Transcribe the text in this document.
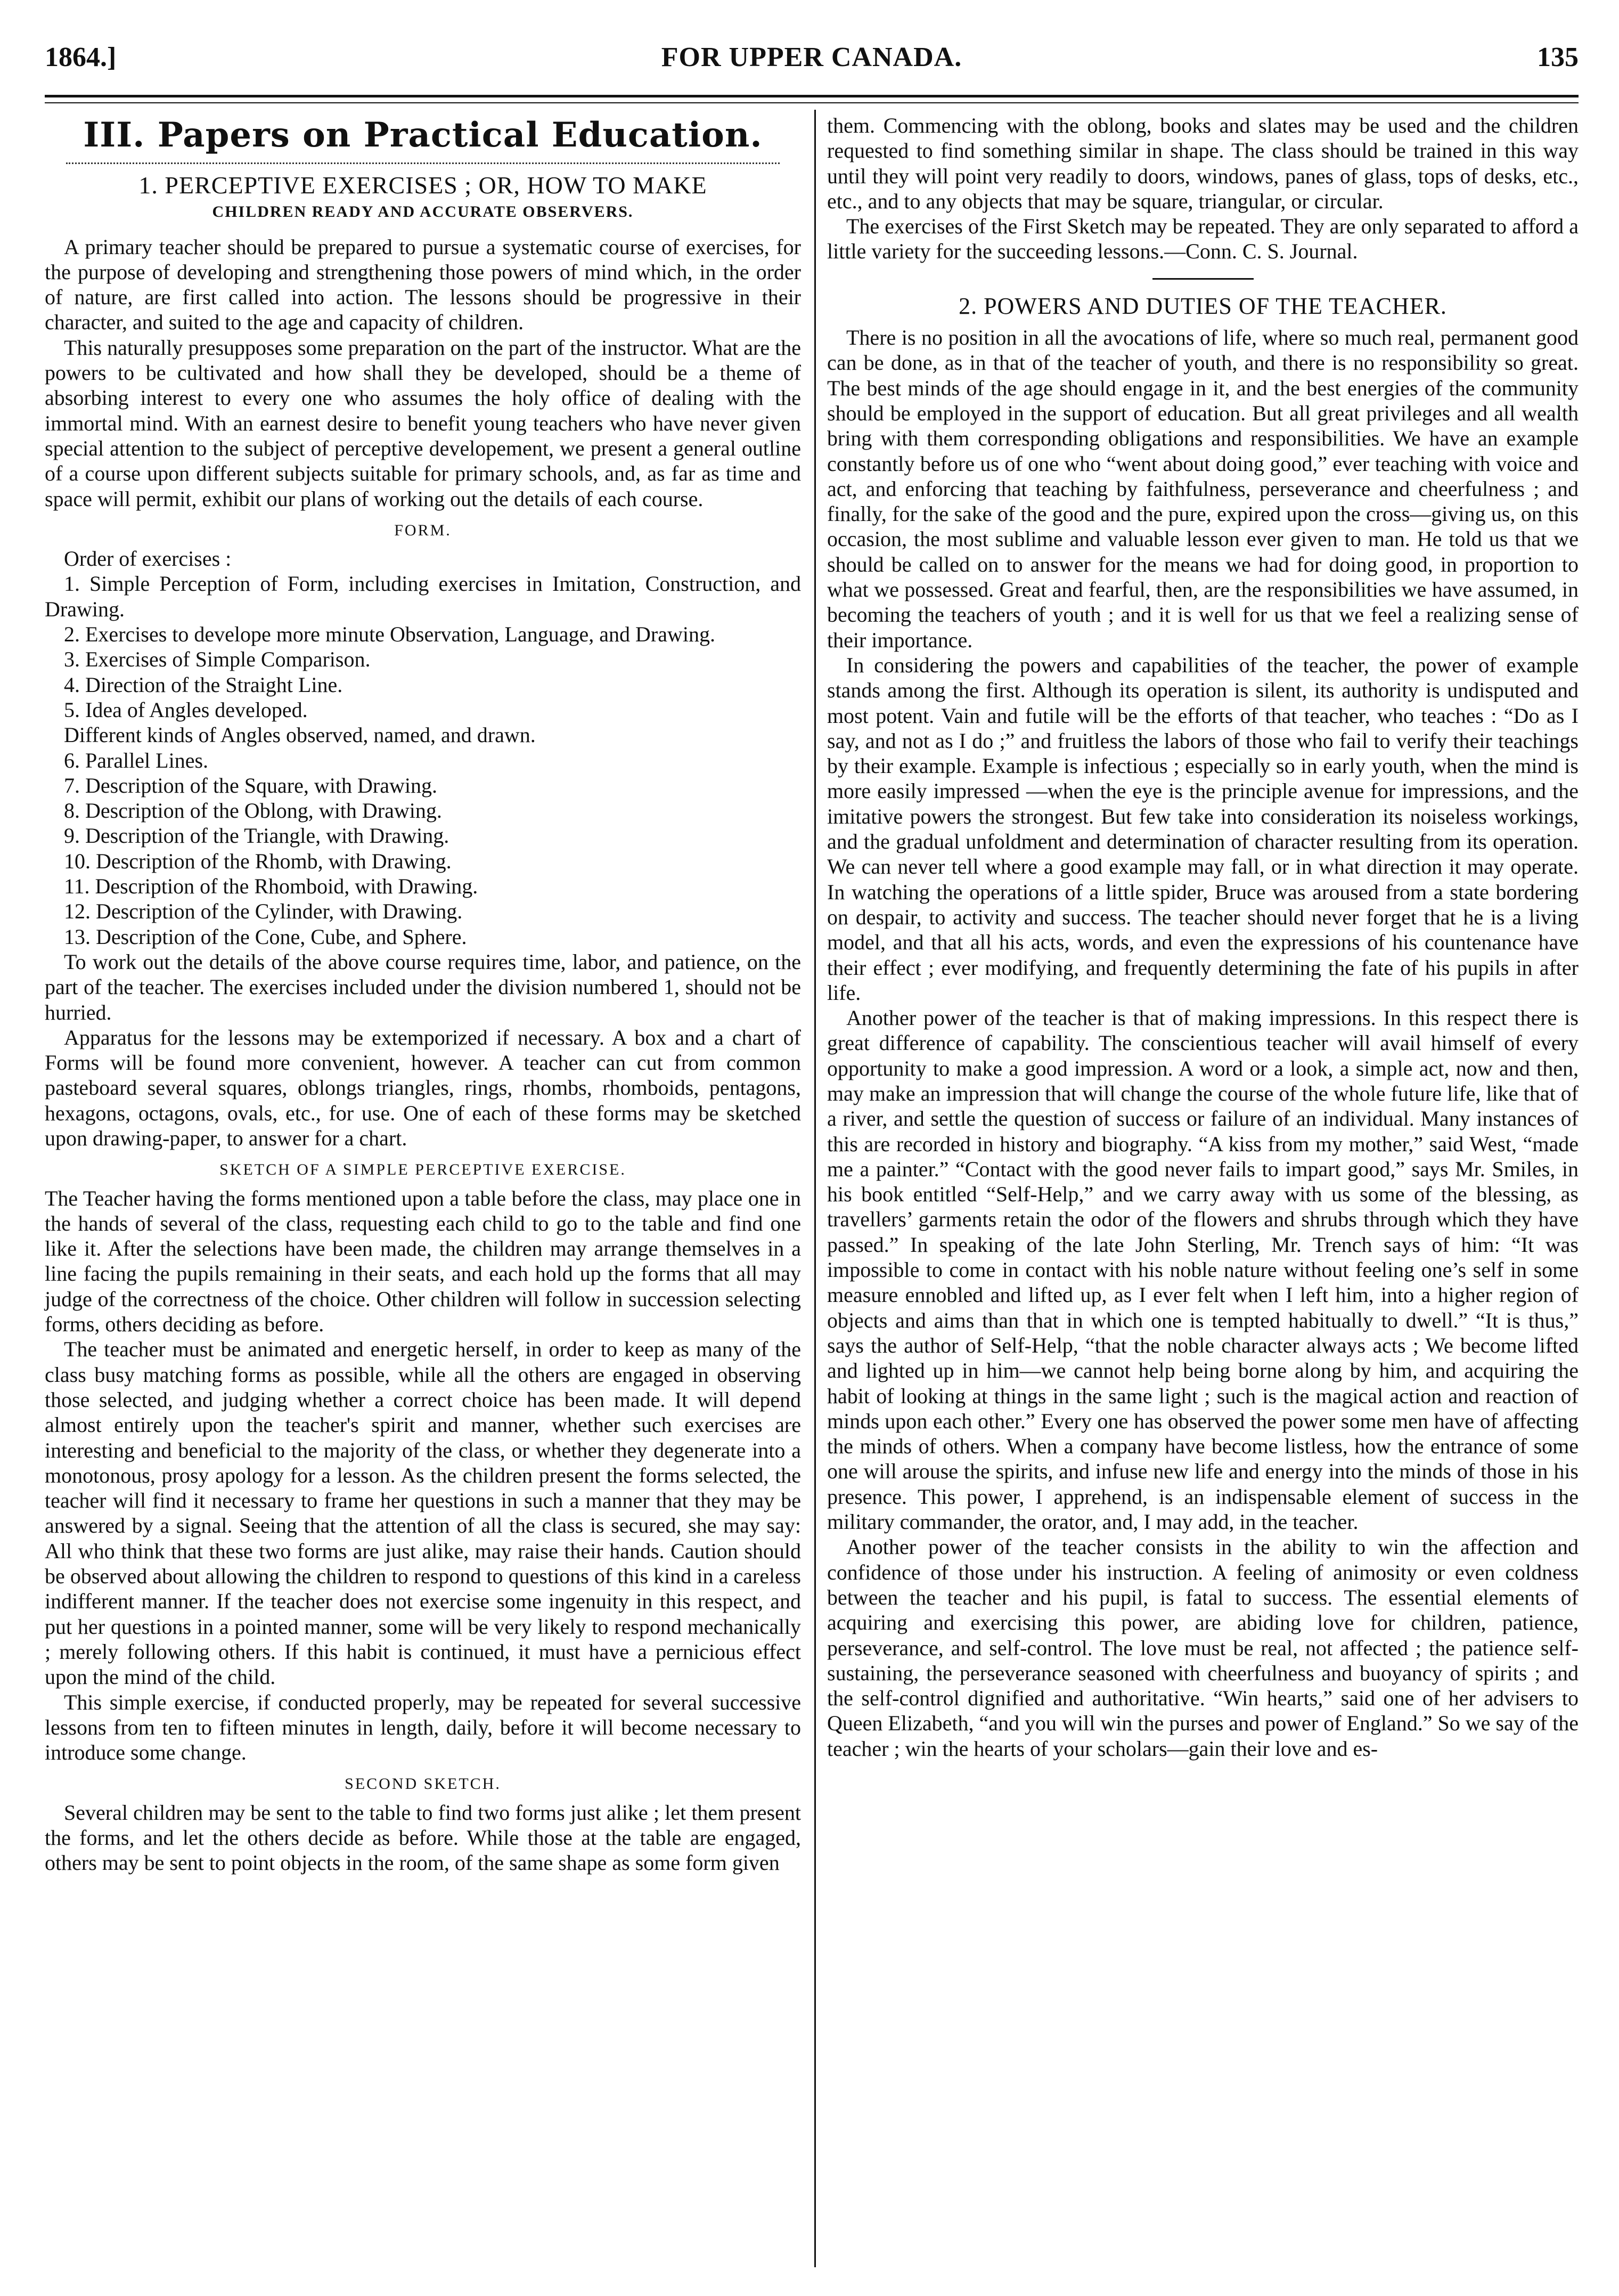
1864.]	FOR UPPER CANADA.	135
III. Papers on Practical Education.
1. PERCEPTIVE EXERCISES ; OR, HOW TO MAKE
CHILDREN READY AND ACCURATE OBSERVERS.

A primary teacher should be prepared to pursue a systematic course of exercises, for the purpose of developing and strengthening those powers of mind which, in the order of nature, are first called into action. The lessons should be progressive in their character, and suited to the age and capacity of children.

This naturally presupposes some preparation on the part of the instructor. What are the powers to be cultivated and how shall they be developed, should be a theme of absorbing interest to every one who assumes the holy office of dealing with the immortal mind. With an earnest desire to benefit young teachers who have never given special attention to the subject of perceptive developement, we present a general outline of a course upon different subjects suitable for primary schools, and, as far as time and space will permit, exhibit our plans of working out the details of each course.

FORM.

Order of exercises :

1. Simple Perception of Form, including exercises in Imitation, Construction, and Drawing.
2. Exercises to develope more minute Observation, Language, and Drawing.
3. Exercises of Simple Comparison.
4. Direction of the Straight Line.
5. Idea of Angles developed.
Different kinds of Angles observed, named, and drawn.
6. Parallel Lines.
7. Description of the Square, with Drawing.
8. Description of the Oblong, with Drawing.
9. Description of the Triangle, with Drawing.
10. Description of the Rhomb, with Drawing.
11. Description of the Rhomboid, with Drawing.
12. Description of the Cylinder, with Drawing.
13. Description of the Cone, Cube, and Sphere.

To work out the details of the above course requires time, labor, and patience, on the part of the teacher. The exercises included under the division numbered 1, should not be hurried.

Apparatus for the lessons may be extemporized if necessary. A box and a chart of Forms will be found more convenient, however. A teacher can cut from common pasteboard several squares, oblongs triangles, rings, rhombs, rhomboids, pentagons, hexagons, octagons, ovals, etc., for use. One of each of these forms may be sketched upon drawing-paper, to answer for a chart.

SKETCH OF A SIMPLE PERCEPTIVE EXERCISE.

The Teacher having the forms mentioned upon a table before the class, may place one in the hands of several of the class, requesting each child to go to the table and find one like it. After the selections have been made, the children may arrange themselves in a line facing the pupils remaining in their seats, and each hold up the forms that all may judge of the correctness of the choice. Other children will follow in succession selecting forms, others deciding as before.

The teacher must be animated and energetic herself, in order to keep as many of the class busy matching forms as possible, while all the others are engaged in observing those selected, and judging whether a correct choice has been made. It will depend almost entirely upon the teacher's spirit and manner, whether such exercises are interesting and beneficial to the majority of the class, or whether they degenerate into a monotonous, prosy apology for a lesson. As the children present the forms selected, the teacher will find it necessary to frame her questions in such a manner that they may be answered by a signal. Seeing that the attention of all the class is secured, she may say: All who think that these two forms are just alike, may raise their hands. Caution should be observed about allowing the children to respond to questions of this kind in a careless indifferent manner. If the teacher does not exercise some ingenuity in this respect, and put her questions in a pointed manner, some will be very likely to respond mechanically ; merely following others. If this habit is continued, it must have a pernicious effect upon the mind of the child.

This simple exercise, if conducted properly, may be repeated for several successive lessons from ten to fifteen minutes in length, daily, before it will become necessary to introduce some change.

SECOND SKETCH.

Several children may be sent to the table to find two forms just alike ; let them present the forms, and let the others decide as before. While those at the table are engaged, others may be sent to point objects in the room, of the same shape as some form given

them. Commencing with the oblong, books and slates may be used and the children requested to find something similar in shape. The class should be trained in this way until they will point very readily to doors, windows, panes of glass, tops of desks, etc., etc., and to any objects that may be square, triangular, or circular.

The exercises of the First Sketch may be repeated. They are only separated to afford a little variety for the succeeding lessons.—Conn. C. S. Journal.

2. POWERS AND DUTIES OF THE TEACHER.

There is no position in all the avocations of life, where so much real, permanent good can be done, as in that of the teacher of youth, and there is no responsibility so great. The best minds of the age should engage in it, and the best energies of the community should be employed in the support of education. But all great privileges and all wealth bring with them corresponding obligations and responsibilities. We have an example constantly before us of one who “went about doing good,” ever teaching with voice and act, and enforcing that teaching by faithfulness, perseverance and cheerfulness ; and finally, for the sake of the good and the pure, expired upon the cross—giving us, on this occasion, the most sublime and valuable lesson ever given to man. He told us that we should be called on to answer for the means we had for doing good, in proportion to what we possessed. Great and fearful, then, are the responsibilities we have assumed, in becoming the teachers of youth ; and it is well for us that we feel a realizing sense of their importance.

In considering the powers and capabilities of the teacher, the power of example stands among the first. Although its operation is silent, its authority is undisputed and most potent. Vain and futile will be the efforts of that teacher, who teaches : “Do as I say, and not as I do ;” and fruitless the labors of those who fail to verify their teachings by their example. Example is infectious ; especially so in early youth, when the mind is more easily impressed —when the eye is the principle avenue for impressions, and the imitative powers the strongest. But few take into consideration its noiseless workings, and the gradual unfoldment and determination of character resulting from its operation. We can never tell where a good example may fall, or in what direction it may operate. In watching the operations of a little spider, Bruce was aroused from a state bordering on despair, to activity and success. The teacher should never forget that he is a living model, and that all his acts, words, and even the expressions of his countenance have their effect ; ever modifying, and frequently determining the fate of his pupils in after life.

Another power of the teacher is that of making impressions. In this respect there is great difference of capability. The conscientious teacher will avail himself of every opportunity to make a good impression. A word or a look, a simple act, now and then, may make an impression that will change the course of the whole future life, like that of a river, and settle the question of success or failure of an individual. Many instances of this are recorded in history and biography. “A kiss from my mother,” said West, “made me a painter.” “Contact with the good never fails to impart good,” says Mr. Smiles, in his book entitled “Self-Help,” and we carry away with us some of the blessing, as travellers’ garments retain the odor of the flowers and shrubs through which they have passed.” In speaking of the late John Sterling, Mr. Trench says of him: “It was impossible to come in contact with his noble nature without feeling one’s self in some measure ennobled and lifted up, as I ever felt when I left him, into a higher region of objects and aims than that in which one is tempted habitually to dwell.” “It is thus,” says the author of Self-Help, “that the noble character always acts ; We become lifted and lighted up in him—we cannot help being borne along by him, and acquiring the habit of looking at things in the same light ; such is the magical action and reaction of minds upon each other.” Every one has observed the power some men have of affecting the minds of others. When a company have become listless, how the entrance of some one will arouse the spirits, and infuse new life and energy into the minds of those in his presence. This power, I apprehend, is an indispensable element of success in the military commander, the orator, and, I may add, in the teacher.

Another power of the teacher consists in the ability to win the affection and confidence of those under his instruction. A feeling of animosity or even coldness between the teacher and his pupil, is fatal to success. The essential elements of acquiring and exercising this power, are abiding love for children, patience, perseverance, and self-control. The love must be real, not affected ; the patience self-sustaining, the perseverance seasoned with cheerfulness and buoyancy of spirits ; and the self-control dignified and authoritative. “Win hearts,” said one of her advisers to Queen Elizabeth, “and you will win the purses and power of England.” So we say of the teacher ; win the hearts of your scholars—gain their love and es-
